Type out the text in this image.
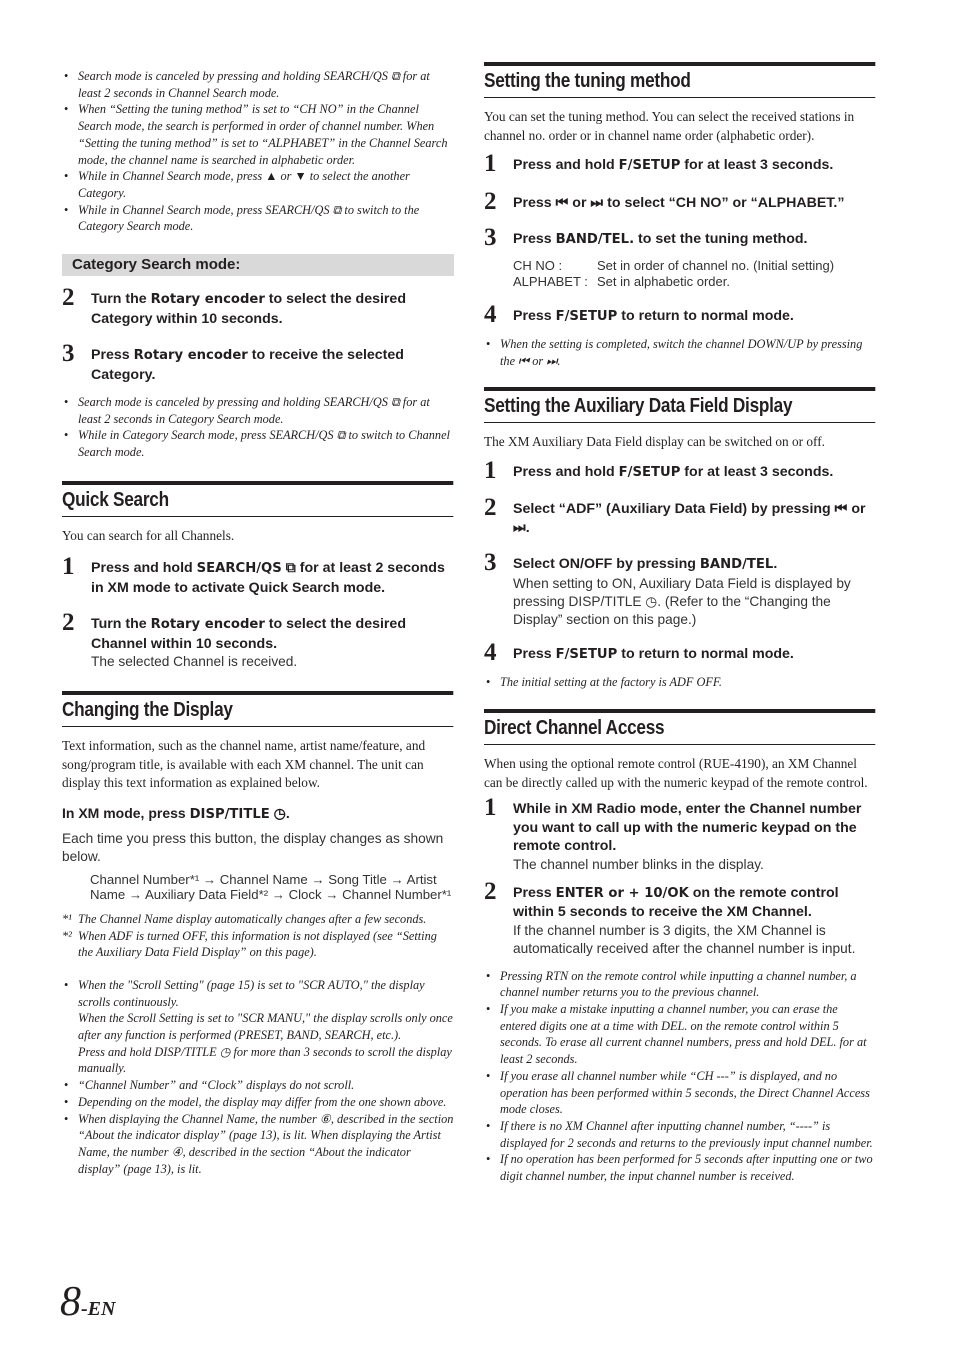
• Search mode is canceled by pressing and holding SEARCH/QS ⧉ for at least 2 seconds in Channel Search mode.
• When “Setting the tuning method” is set to “CH NO” in the Channel Search mode, the search is performed in order of channel number. When “Setting the tuning method” is set to “ALPHABET” in the Channel Search mode, the channel name is searched in alphabetic order.
• While in Channel Search mode, press ▲ or ▼ to select the another Category.
• While in Channel Search mode, press SEARCH/QS ⧉ to switch to the Category Search mode.
Category Search mode:
2 Turn the Rotary encoder to select the desired Category within 10 seconds.
3 Press Rotary encoder to receive the selected Category.
• Search mode is canceled by pressing and holding SEARCH/QS ⧉ for at least 2 seconds in Category Search mode.
• While in Category Search mode, press SEARCH/QS ⧉ to switch to Channel Search mode.
Quick Search

You can search for all Channels.

1 Press and hold SEARCH/QS ⧉ for at least 2 seconds in XM mode to activate Quick Search mode.
2 Turn the Rotary encoder to select the desired Channel within 10 seconds.
The selected Channel is received.
Changing the Display

Text information, such as the channel name, artist name/feature, and song/program title, is available with each XM channel. The unit can display this text information as explained below.

In XM mode, press DISP/TITLE ◷.

Each time you press this button, the display changes as shown below.

Channel Number*¹ → Channel Name → Song Title → Artist Name → Auxiliary Data Field*² → Clock → Channel Number*¹
*¹ The Channel Name display automatically changes after a few seconds.
*² When ADF is turned OFF, this information is not displayed (see “Setting the Auxiliary Data Field Display” on this page).
• When the "Scroll Setting" (page 15) is set to "SCR AUTO," the display scrolls continuously.
When the Scroll Setting is set to "SCR MANU," the display scrolls only once after any function is performed (PRESET, BAND, SEARCH, etc.).
Press and hold DISP/TITLE ◷ for more than 3 seconds to scroll the display manually.
• “Channel Number” and “Clock” displays do not scroll.
• Depending on the model, the display may differ from the one shown above.
• When displaying the Channel Name, the number ⑥, described in the section “About the indicator display” (page 13), is lit. When displaying the Artist Name, the number ④, described in the section “About the indicator display” (page 13), is lit.
Setting the tuning method

You can set the tuning method. You can select the received stations in channel no. order or in channel name order (alphabetic order).

1 Press and hold F/SETUP for at least 3 seconds.
2 Press ⏮ or ⏭ to select “CH NO” or “ALPHABET.”
3 Press BAND/TEL. to set the tuning method.
CH NO :	Set in order of channel no. (Initial setting)
ALPHABET : Set in alphabetic order.
4 Press F/SETUP to return to normal mode.
• When the setting is completed, switch the channel DOWN/UP by pressing the ⏮ or ⏭.
Setting the Auxiliary Data Field Display

The XM Auxiliary Data Field display can be switched on or off.

1 Press and hold F/SETUP for at least 3 seconds.
2 Select “ADF” (Auxiliary Data Field) by pressing ⏮ or ⏭.
3 Select ON/OFF by pressing BAND/TEL.
When setting to ON, Auxiliary Data Field is displayed by pressing DISP/TITLE ◷. (Refer to the “Changing the Display” section on this page.)
4 Press F/SETUP to return to normal mode.
• The initial setting at the factory is ADF OFF.
Direct Channel Access

When using the optional remote control (RUE-4190), an XM Channel can be directly called up with the numeric keypad of the remote control.

1 While in XM Radio mode, enter the Channel number you want to call up with the numeric keypad on the remote control.
The channel number blinks in the display.
2 Press ENTER or + 10/OK on the remote control within 5 seconds to receive the XM Channel.
If the channel number is 3 digits, the XM Channel is automatically received after the channel number is input.
• Pressing RTN on the remote control while inputting a channel number, a channel number returns you to the previous channel.
• If you make a mistake inputting a channel number, you can erase the entered digits one at a time with DEL. on the remote control within 5 seconds. To erase all current channel numbers, press and hold DEL. for at least 2 seconds.
• If you erase all channel number while “CH ---” is displayed, and no operation has been performed within 5 seconds, the Direct Channel Access mode closes.
• If there is no XM Channel after inputting channel number, “----” is displayed for 2 seconds and returns to the previously input channel number.
• If no operation has been performed for 5 seconds after inputting one or two digit channel number, the input channel number is received.
8-EN
